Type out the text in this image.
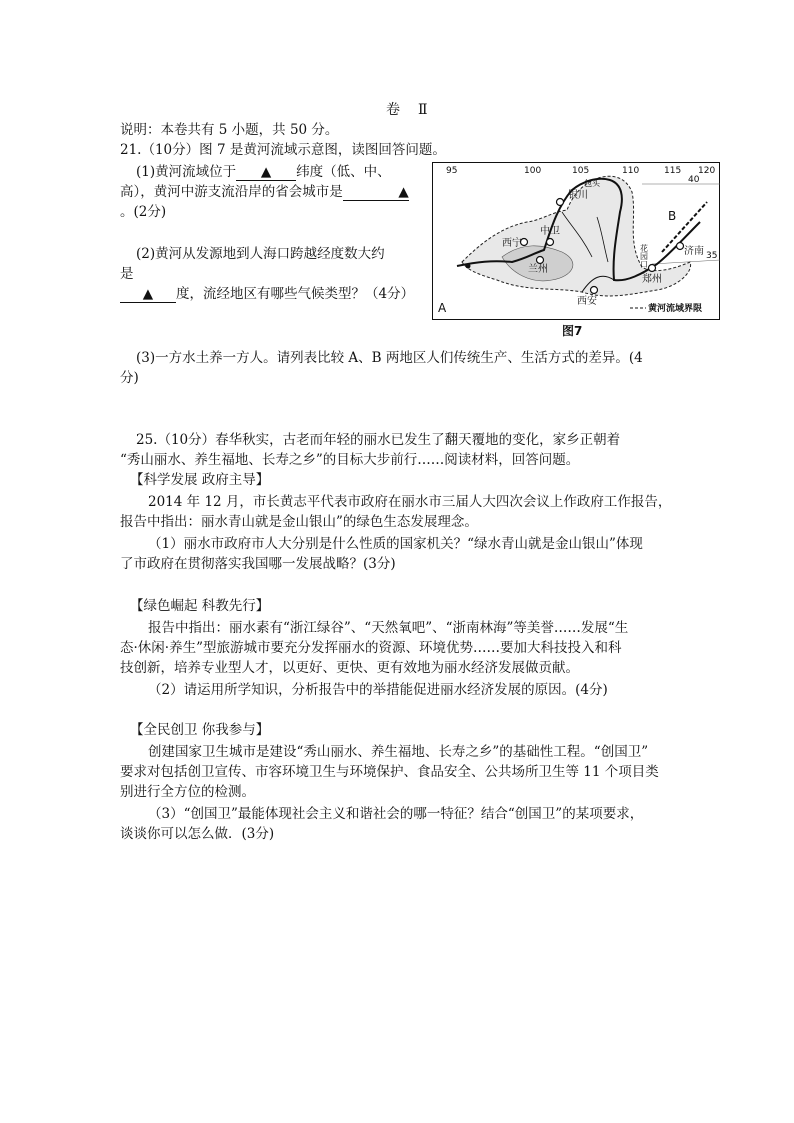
卷　Ⅱ
说明：本卷共有 5 小题，共 50 分。
21.（10分）图 7 是黄河流域示意图，读图回答问题。
(1)黄河流域位于 ▲ 纬度（低、中、
高），黄河中游支流沿岸的省会城市是	▲
。(2分)
(2)黄河从发源地到人海口跨越经度数大约
是
▲ 度，流经地区有哪些气候类型？（4分）
95	100	105	110	115 120
40
35
银川
西宁
中卫
兰州
西安
郑州
济南
包头
花园口
A
B
黄河流域界限
图7
(3)一方水土养一方人。请列表比较 A、B 两地区人们传统生产、生活方式的差异。(4
分)
25.（10分）春华秋实，古老而年轻的丽水已发生了翻天覆地的变化，家乡正朝着
“秀山丽水、养生福地、长寿之乡”的目标大步前行……阅读材料，回答问题。
【科学发展 政府主导】
2014 年 12 月，市长黄志平代表市政府在丽水市三届人大四次会议上作政府工作报告，
报告中指出：丽水青山就是金山银山”的绿色生态发展理念。
（1）丽水市政府市人大分别是什么性质的国家机关？“绿水青山就是金山银山”体现
了市政府在贯彻落实我国哪一发展战略？(3分)
【绿色崛起 科教先行】
报告中指出：丽水素有“浙江绿谷”、“天然氧吧”、“浙南林海”等美誉……发展“生
态·休闲·养生”型旅游城市要充分发挥丽水的资源、环境优势……要加大科技投入和科
技创新，培养专业型人才，以更好、更快、更有效地为丽水经济发展做贡献。
（2）请运用所学知识，分析报告中的举措能促进丽水经济发展的原因。(4分)
【全民创卫 你我参与】
创建国家卫生城市是建设“秀山丽水、养生福地、长寿之乡”的基础性工程。“创国卫”
要求对包括创卫宣传、市容环境卫生与环境保护、食品安全、公共场所卫生等 11 个项目类
别进行全方位的检测。
（3）“创国卫”最能体现社会主义和谐社会的哪一特征？结合“创国卫”的某项要求，
谈谈你可以怎么做．(3分)
